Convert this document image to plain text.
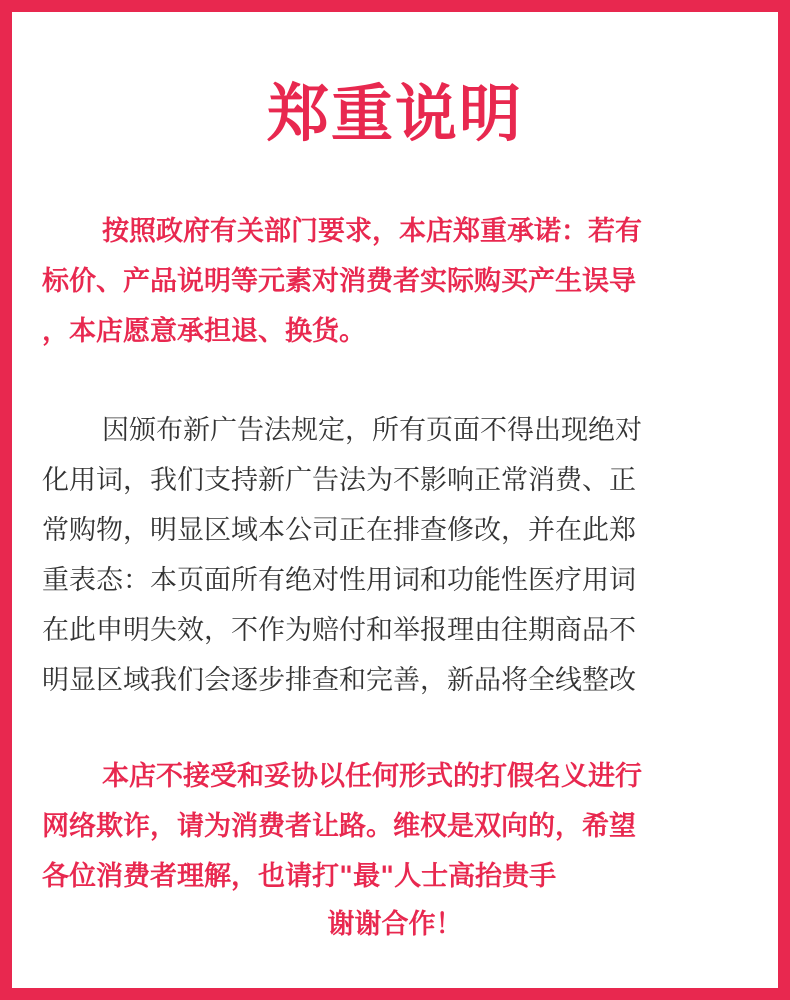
郑重说明
按照政府有关部门要求，本店郑重承诺：若有
标价、产品说明等元素对消费者实际购买产生误导
，本店愿意承担退、换货。
因颁布新广告法规定，所有页面不得出现绝对
化用词，我们支持新广告法为不影响正常消费、正
常购物，明显区域本公司正在排查修改，并在此郑
重表态：本页面所有绝对性用词和功能性医疗用词
在此申明失效，不作为赔付和举报理由往期商品不
明显区域我们会逐步排查和完善，新品将全线整改
本店不接受和妥协以任何形式的打假名义进行
网络欺诈，请为消费者让路。维权是双向的，希望
各位消费者理解，也请打"最"人士高抬贵手

谢谢合作！
